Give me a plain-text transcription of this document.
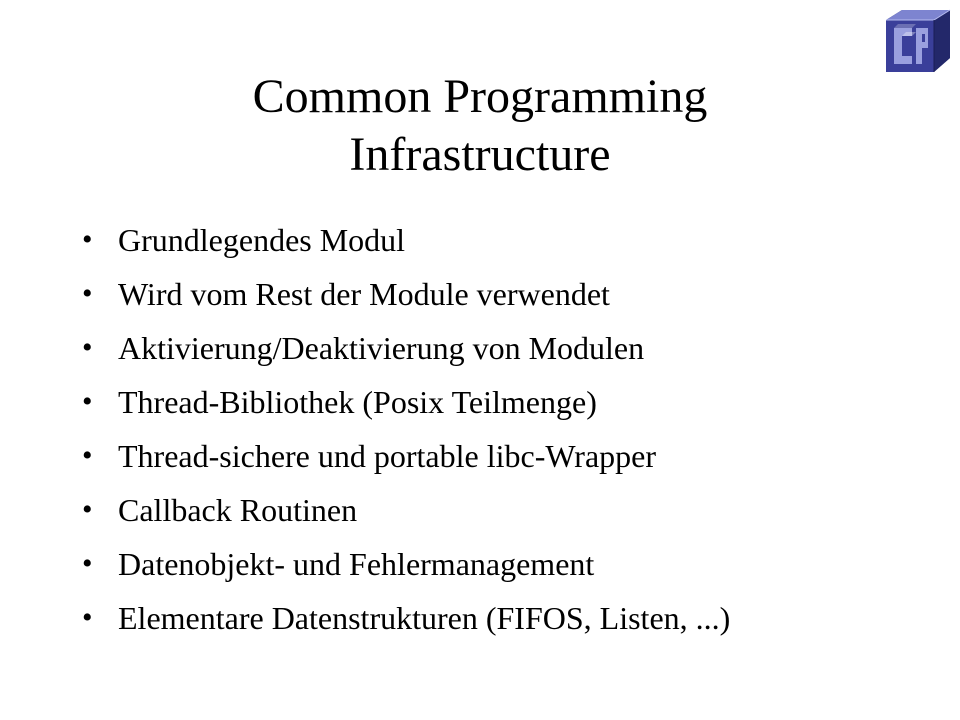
Common Programming Infrastructure
• Grundlegendes Modul
• Wird vom Rest der Module verwendet
• Aktivierung/Deaktivierung von Modulen
• Thread-Bibliothek (Posix Teilmenge)
• Thread-sichere und portable libc-Wrapper
• Callback Routinen
• Datenobjekt- und Fehlermanagement
• Elementare Datenstrukturen (FIFOS, Listen, ...)
